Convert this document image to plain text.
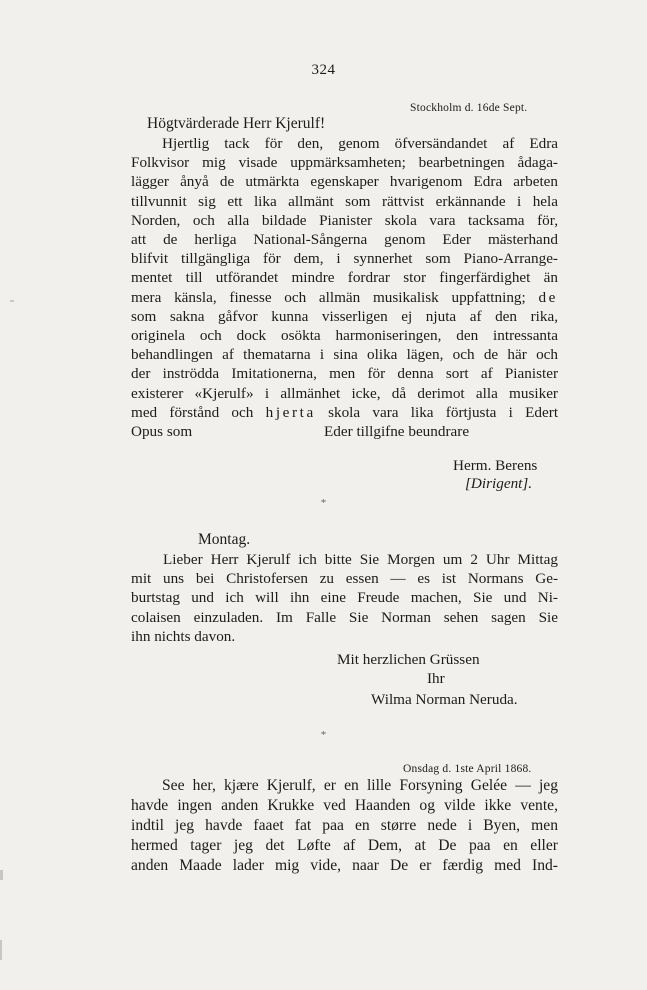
324
Stockholm d. 16de Sept.
Högtvärderade Herr Kjerulf!
Hjertlig tack för den, genom öfversändandet af Edra
Folkvisor mig visade uppmärksamheten; bearbetningen ådaga-
lägger ånyå de utmärkta egenskaper hvarigenom Edra arbeten
tillvunnit sig ett lika allmänt som rättvist erkännande i hela
Norden, och alla bildade Pianister skola vara tacksama för,
att de herliga National-Sångerna genom Eder mästerhand
blifvit tillgängliga för dem, i synnerhet som Piano-Arrange-
mentet till utförandet mindre fordrar stor fingerfärdighet än
mera känsla, finesse och allmän musikalisk uppfattning; de
som sakna gåfvor kunna visserligen ej njuta af den rika,
originela och dock osökta harmoniseringen, den intressanta
behandlingen af thematarna i sina olika lägen, och de här och
der inströdda Imitationerna, men för denna sort af Pianister
existerer «Kjerulf» i allmänhet icke, då derimot alla musiker
med förstånd och hjerta skola vara lika förtjusta i Edert
Opus som	Eder tillgifne beundrare
Herm. Berens
[Dirigent].
*
Montag.
Lieber Herr Kjerulf ich bitte Sie Morgen um 2 Uhr Mittag
mit uns bei Christofersen zu essen — es ist Normans Ge-
burtstag und ich will ihn eine Freude machen, Sie und Ni-
colaisen einzuladen. Im Falle Sie Norman sehen sagen Sie
ihn nichts davon.
Mit herzlichen Grüssen
Ihr
Wilma Norman Neruda.
*
Onsdag d. 1ste April 1868.
See her, kjære Kjerulf, er en lille Forsyning Gelée — jeg
havde ingen anden Krukke ved Haanden og vilde ikke vente,
indtil jeg havde faaet fat paa en større nede i Byen, men
hermed tager jeg det Løfte af Dem, at De paa en eller
anden Maade lader mig vide, naar De er færdig med Ind-
